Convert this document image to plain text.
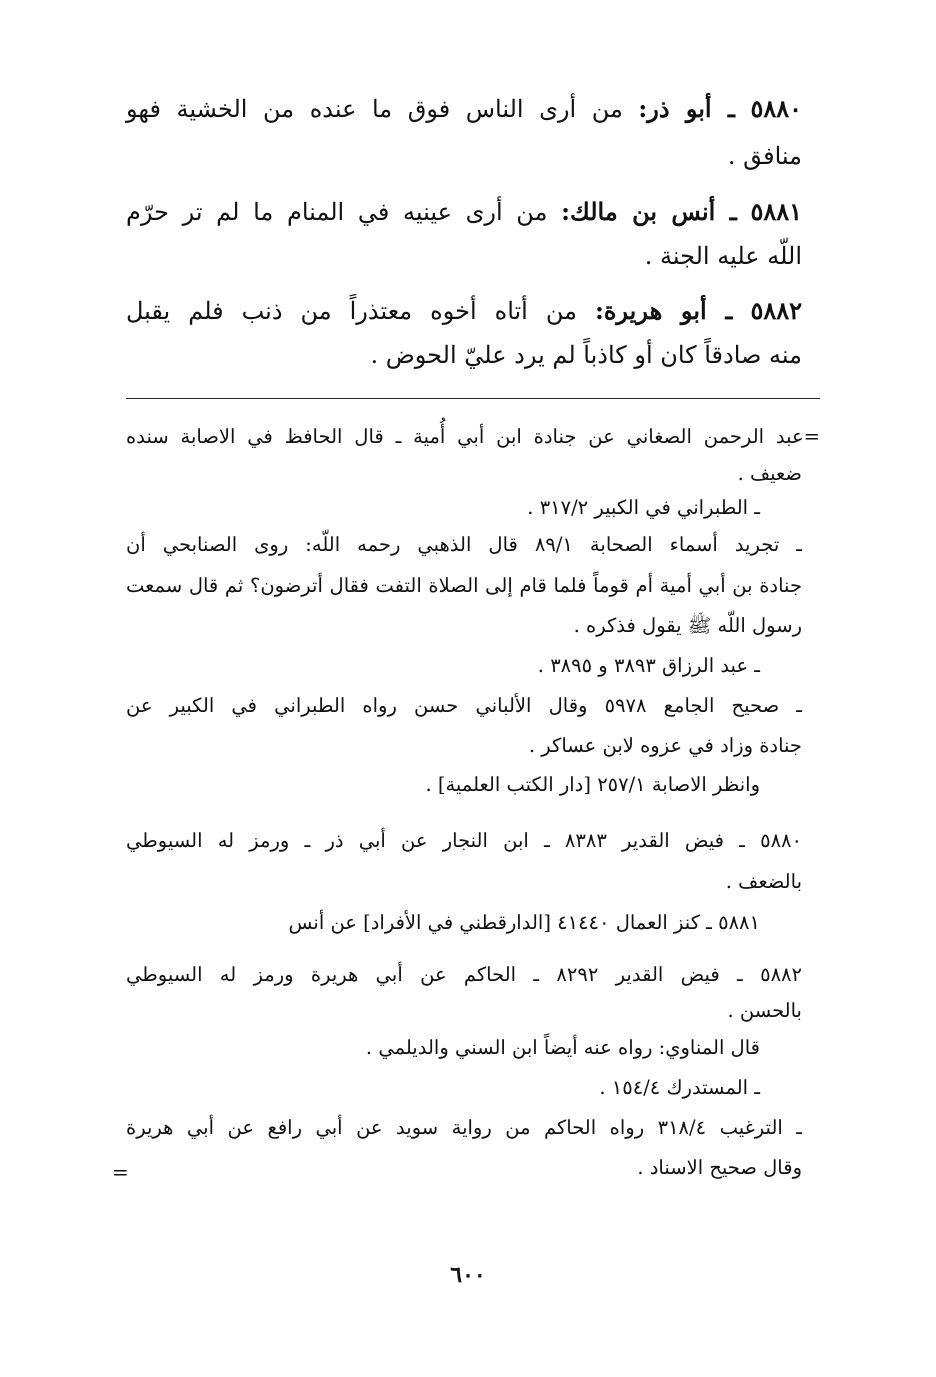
٥٨٨٠ ـ أبو ذر: من أرى الناس فوق ما عنده من الخشية فهو
منافق .
٥٨٨١ ـ أنس بن مالك: من أرى عينيه في المنام ما لم تر حرّم
اللّه عليه الجنة .
٥٨٨٢ ـ أبو هريرة: من أتاه أخوه معتذراً من ذنب فلم يقبل
منه صادقاً كان أو كاذباً لم يرد عليّ الحوض .
=عبد الرحمن الصغاني عن جنادة ابن أبي أُمية ـ قال الحافظ في الاصابة سنده
ضعيف .
ـ الطبراني في الكبير ٣١٧/٢ .
ـ تجريد أسماء الصحابة ٨٩/١ قال الذهبي رحمه اللّه: روى الصنابحي أن
جنادة بن أبي أمية أم قوماً فلما قام إلى الصلاة التفت فقال أترضون؟ ثم قال سمعت
رسول اللّه ﷺ يقول فذكره .
ـ عبد الرزاق ٣٨٩٣ و ٣٨٩٥ .
ـ صحيح الجامع ٥٩٧٨ وقال الألباني حسن رواه الطبراني في الكبير عن
جنادة وزاد في عزوه لابن عساكر .
وانظر الاصابة ٢٥٧/١ [دار الكتب العلمية] .
٥٨٨٠ ـ فيض القدير ٨٣٨٣ ـ ابن النجار عن أبي ذر ـ ورمز له السيوطي
بالضعف .
٥٨٨١ ـ كنز العمال ٤١٤٤٠ [الدارقطني في الأفراد] عن أنس
٥٨٨٢ ـ فيض القدير ٨٢٩٢ ـ الحاكم عن أبي هريرة ورمز له السيوطي
بالحسن .
قال المناوي: رواه عنه أيضاً ابن السني والديلمي .
ـ المستدرك ١٥٤/٤ .
ـ الترغيب ٣١٨/٤ رواه الحاكم من رواية سويد عن أبي رافع عن أبي هريرة
وقال صحيح الاسناد .
=
٦٠٠
